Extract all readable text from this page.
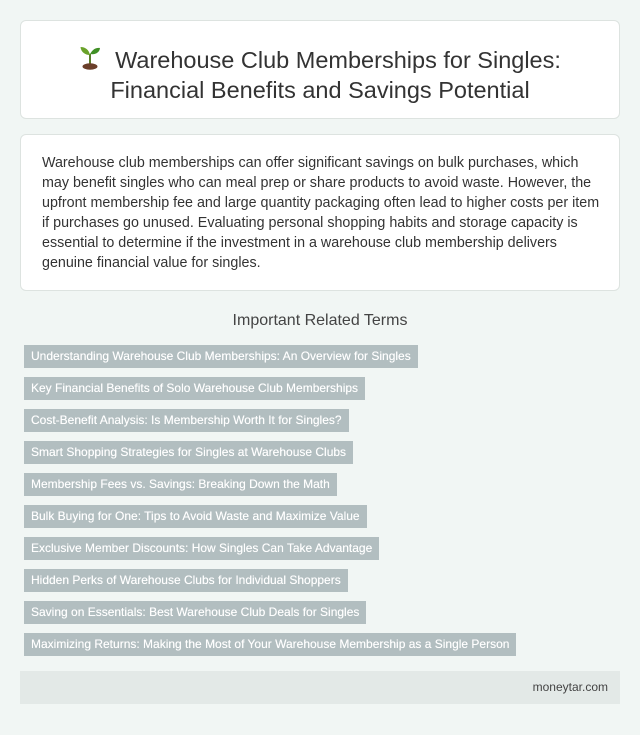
Warehouse Club Memberships for Singles:
Financial Benefits and Savings Potential

Warehouse club memberships can offer significant savings on bulk purchases, which may benefit singles who can meal prep or share products to avoid waste. However, the upfront membership fee and large quantity packaging often lead to higher costs per item if purchases go unused. Evaluating personal shopping habits and storage capacity is essential to determine if the investment in a warehouse club membership delivers genuine financial value for singles.

Important Related Terms
Understanding Warehouse Club Memberships: An Overview for Singles
Key Financial Benefits of Solo Warehouse Club Memberships
Cost-Benefit Analysis: Is Membership Worth It for Singles?
Smart Shopping Strategies for Singles at Warehouse Clubs
Membership Fees vs. Savings: Breaking Down the Math
Bulk Buying for One: Tips to Avoid Waste and Maximize Value
Exclusive Member Discounts: How Singles Can Take Advantage
Hidden Perks of Warehouse Clubs for Individual Shoppers
Saving on Essentials: Best Warehouse Club Deals for Singles
Maximizing Returns: Making the Most of Your Warehouse Membership as a Single Person
moneytar.com
